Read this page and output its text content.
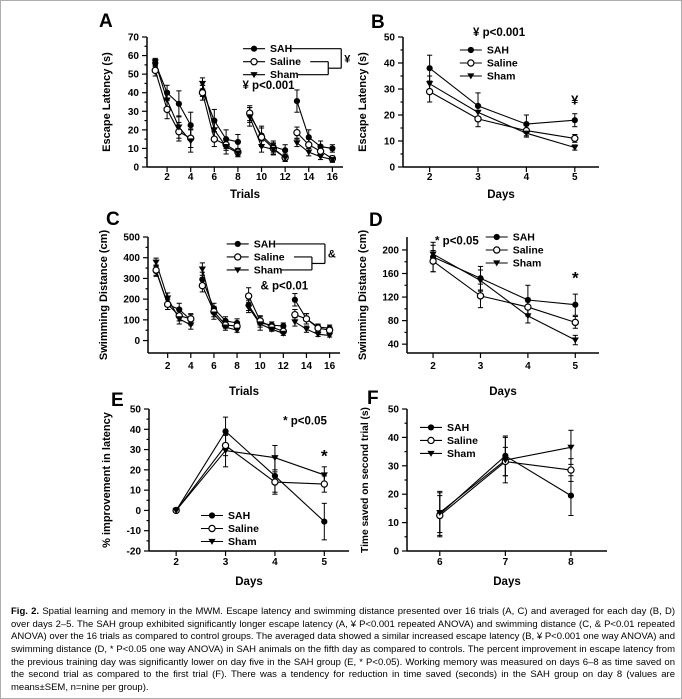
A
0
10
20
30
40
50
60
70
2 4 6 8 10 12 14 16
Escape Latency (s)
Trials
SAH
Saline
Sham
¥
¥ p<0.001
B
0
10
20
30
40
50
2	3	4	5
Escape Latency (s)
Days
SAH
Saline
Sham
¥ p<0.001
¥
C
0
100
200
300
400
500
2 4 6 8 10 12 14 16
Swimming Distance (cm)
Trials
SAH
Saline
Sham
&
& p<0.01
D
40
80
120
160
200
2	3	4	5
Swimming Distance (cm)
Days
SAH
Saline
Sham
* p<0.05
*
E
-20
-10
0
10
20
30
40
50
2	3	4	5
% improvement in latency
Days
SAH
Saline
Sham
* p<0.05
*
F
0
10
20
30
40
50
6	7	8
Time saved on second trial (s)
Days
SAH
Saline
Sham
Fig. 2. Spatial learning and memory in the MWM. Escape latency and swimming distance presented over 16 trials (A, C) and averaged for each day (B, D) over days 2–5. The SAH group exhibited significantly longer escape latency (A, ¥ P<0.001 repeated ANOVA) and swimming distance (C, & P<0.01 repeated ANOVA) over the 16 trials as compared to control groups. The averaged data showed a similar increased escape latency (B, ¥ P<0.001 one way ANOVA) and swimming distance (D, * P<0.05 one way ANOVA) in SAH animals on the fifth day as compared to controls. The percent improvement in escape latency from the previous training day was significantly lower on day five in the SAH group (E, * P<0.05). Working memory was measured on days 6–8 as time saved on the second trial as compared to the first trial (F). There was a tendency for reduction in time saved (seconds) in the SAH group on day 8 (values are means±SEM, n=nine per group).
